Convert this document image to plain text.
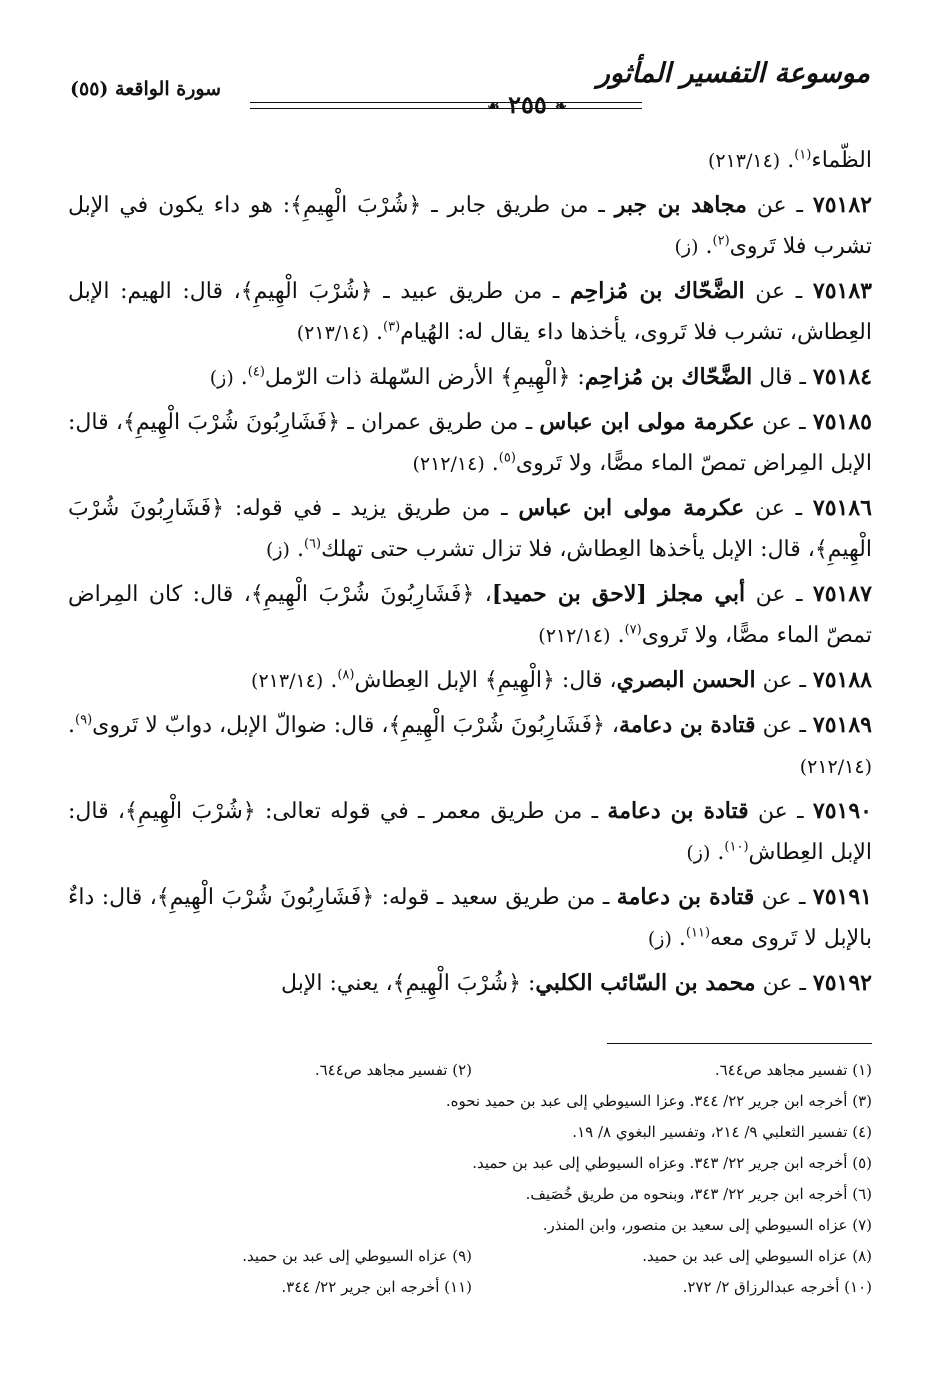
موسوعة التفسير المأثور
❧ ٢٥٥ ☙
سورة الواقعة (٥٥)

الظّماء$^{(١)}$. (٢١٣/١٤)

٧٥١٨٢ ـ عن مجاهد بن جبر ـ من طريق جابر ـ ﴿شُرْبَ الْهِيمِ﴾: هو داء يكون في الإبل تشرب فلا تَروى$^{(٢)}$. (ز)

٧٥١٨٣ ـ عن الضَّحّاك بن مُزاحِم ـ من طريق عبيد ـ ﴿شُرْبَ الْهِيمِ﴾، قال: الهيم: الإبل العِطاش، تشرب فلا تَروى، يأخذها داء يقال له: الهُيام$^{(٣)}$. (٢١٣/١٤)

٧٥١٨٤ ـ قال الضَّحّاك بن مُزاحِم: ﴿الْهِيمِ﴾ الأرض السّهلة ذات الرّمل$^{(٤)}$. (ز)

٧٥١٨٥ ـ عن عكرمة مولى ابن عباس ـ من طريق عمران ـ ﴿فَشَارِبُونَ شُرْبَ الْهِيمِ﴾، قال: الإبل المِراض تمصّ الماء مصًّا، ولا تَروى$^{(٥)}$. (٢١٢/١٤)

٧٥١٨٦ ـ عن عكرمة مولى ابن عباس ـ من طريق يزيد ـ في قوله: ﴿فَشَارِبُونَ شُرْبَ الْهِيمِ﴾، قال: الإبل يأخذها العِطاش، فلا تزال تشرب حتى تهلك$^{(٦)}$. (ز)

٧٥١٨٧ ـ عن أبي مجلز [لاحق بن حميد]، ﴿فَشَارِبُونَ شُرْبَ الْهِيمِ﴾، قال: كان المِراض تمصّ الماء مصًّا، ولا تَروى$^{(٧)}$. (٢١٢/١٤)

٧٥١٨٨ ـ عن الحسن البصري، قال: ﴿الْهِيمِ﴾ الإبل العِطاش$^{(٨)}$. (٢١٣/١٤)

٧٥١٨٩ ـ عن قتادة بن دعامة، ﴿فَشَارِبُونَ شُرْبَ الْهِيمِ﴾، قال: ضوالّ الإبل، دوابّ لا تَروى$^{(٩)}$. (٢١٢/١٤)

٧٥١٩٠ ـ عن قتادة بن دعامة ـ من طريق معمر ـ في قوله تعالى: ﴿شُرْبَ الْهِيمِ﴾، قال: الإبل العِطاش$^{(١٠)}$. (ز)

٧٥١٩١ ـ عن قتادة بن دعامة ـ من طريق سعيد ـ قوله: ﴿فَشَارِبُونَ شُرْبَ الْهِيمِ﴾، قال: داءٌ بالإبل لا تَروى معه$^{(١١)}$. (ز)

٧٥١٩٢ ـ عن محمد بن السّائب الكلبي: ﴿شُرْبَ الْهِيمِ﴾، يعني: الإبل

(١) تفسير مجاهد ص٦٤٤.(٢) تفسير مجاهد ص٦٤٤.
(٣) أخرجه ابن جرير ٢٢/ ٣٤٤. وعزا السيوطي إلى عبد بن حميد نحوه.
(٤) تفسير الثعلبي ٩/ ٢١٤، وتفسير البغوي ٨/ ١٩.
(٥) أخرجه ابن جرير ٢٢/ ٣٤٣. وعزاه السيوطي إلى عبد بن حميد.
(٦) أخرجه ابن جرير ٢٢/ ٣٤٣، وبنحوه من طريق خُصَيف.
(٧) عزاه السيوطي إلى سعيد بن منصور، وابن المنذر.
(٨) عزاه السيوطي إلى عبد بن حميد.(٩) عزاه السيوطي إلى عبد بن حميد.
(١٠) أخرجه عبدالرزاق ٢/ ٢٧٢.(١١) أخرجه ابن جرير ٢٢/ ٣٤٤.
